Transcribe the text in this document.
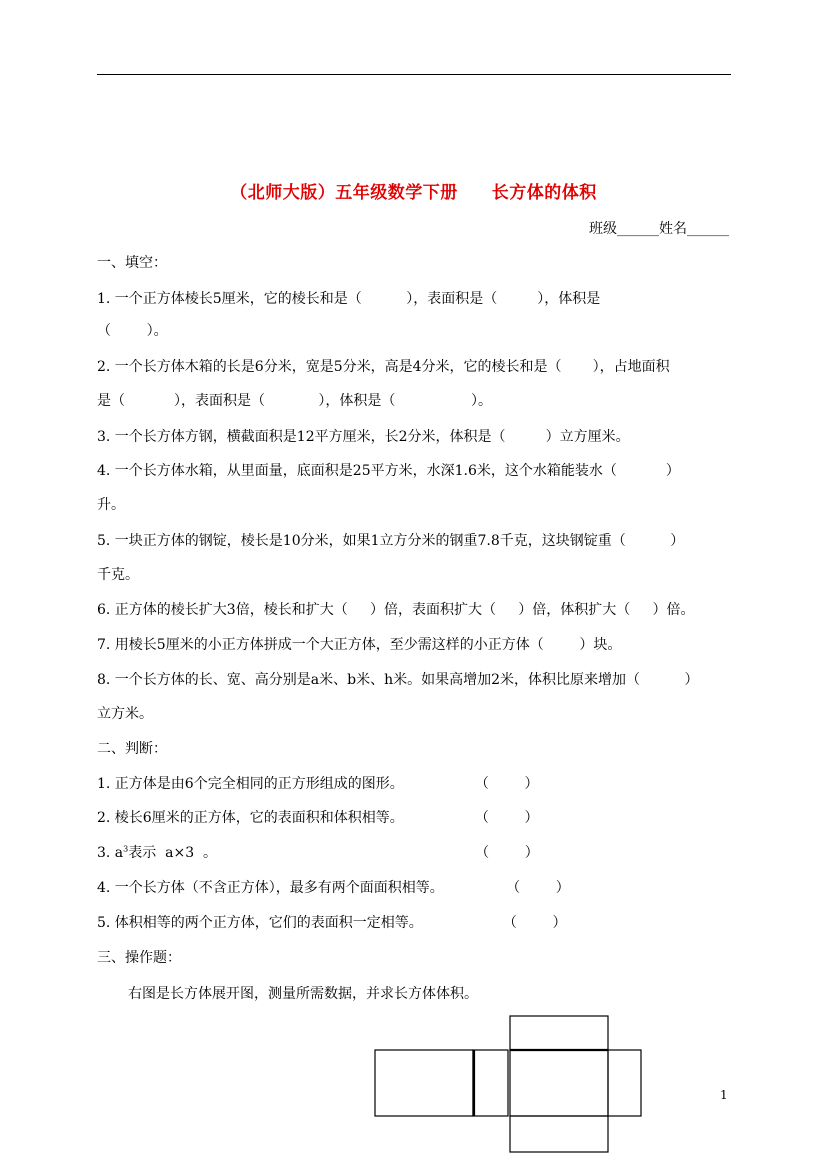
（北师大版）五年级数学下册 长方体的体积
班级______姓名______
一、填空：
1. 一个正方体棱长5厘米，它的棱长和是（          ），表面积是（         ），体积是
（        ）。
2. 一个长方体木箱的长是6分米，宽是5分米，高是4分米，它的棱长和是（       ），占地面积
是（           ），表面积是（            ），体积是（                 ）。
3. 一个长方体方钢，横截面积是12平方厘米，长2分米，体积是（         ）立方厘米。
4. 一个长方体水箱，从里面量，底面积是25平方米，水深1.6米，这个水箱能装水（           ）
升。
5. 一块正方体的钢锭，棱长是10分米，如果1立方分米的钢重7.8千克，这块钢锭重（          ）
千克。
6. 正方体的棱长扩大3倍，棱长和扩大（     ）倍，表面积扩大（     ）倍，体积扩大（     ）倍。
7. 用棱长5厘米的小正方体拼成一个大正方体，至少需这样的小正方体（        ）块。
8. 一个长方体的长、宽、高分别是a米、b米、h米。如果高增加2米，体积比原来增加（          ）
立方米。
二、判断：
1. 正方体是由6个完全相同的正方形组成的图形。                （        ）
2. 棱长6厘米的正方体，它的表面积和体积相等。                （        ）
3. $a^3$表示  a×3  。                                                          （        ）
4. 一个长方体（不含正方体），最多有两个面面积相等。              （        ）
5. 体积相等的两个正方体，它们的表面积一定相等。                  （        ）
三、操作题：
右图是长方体展开图，测量所需数据，并求长方体体积。
1
